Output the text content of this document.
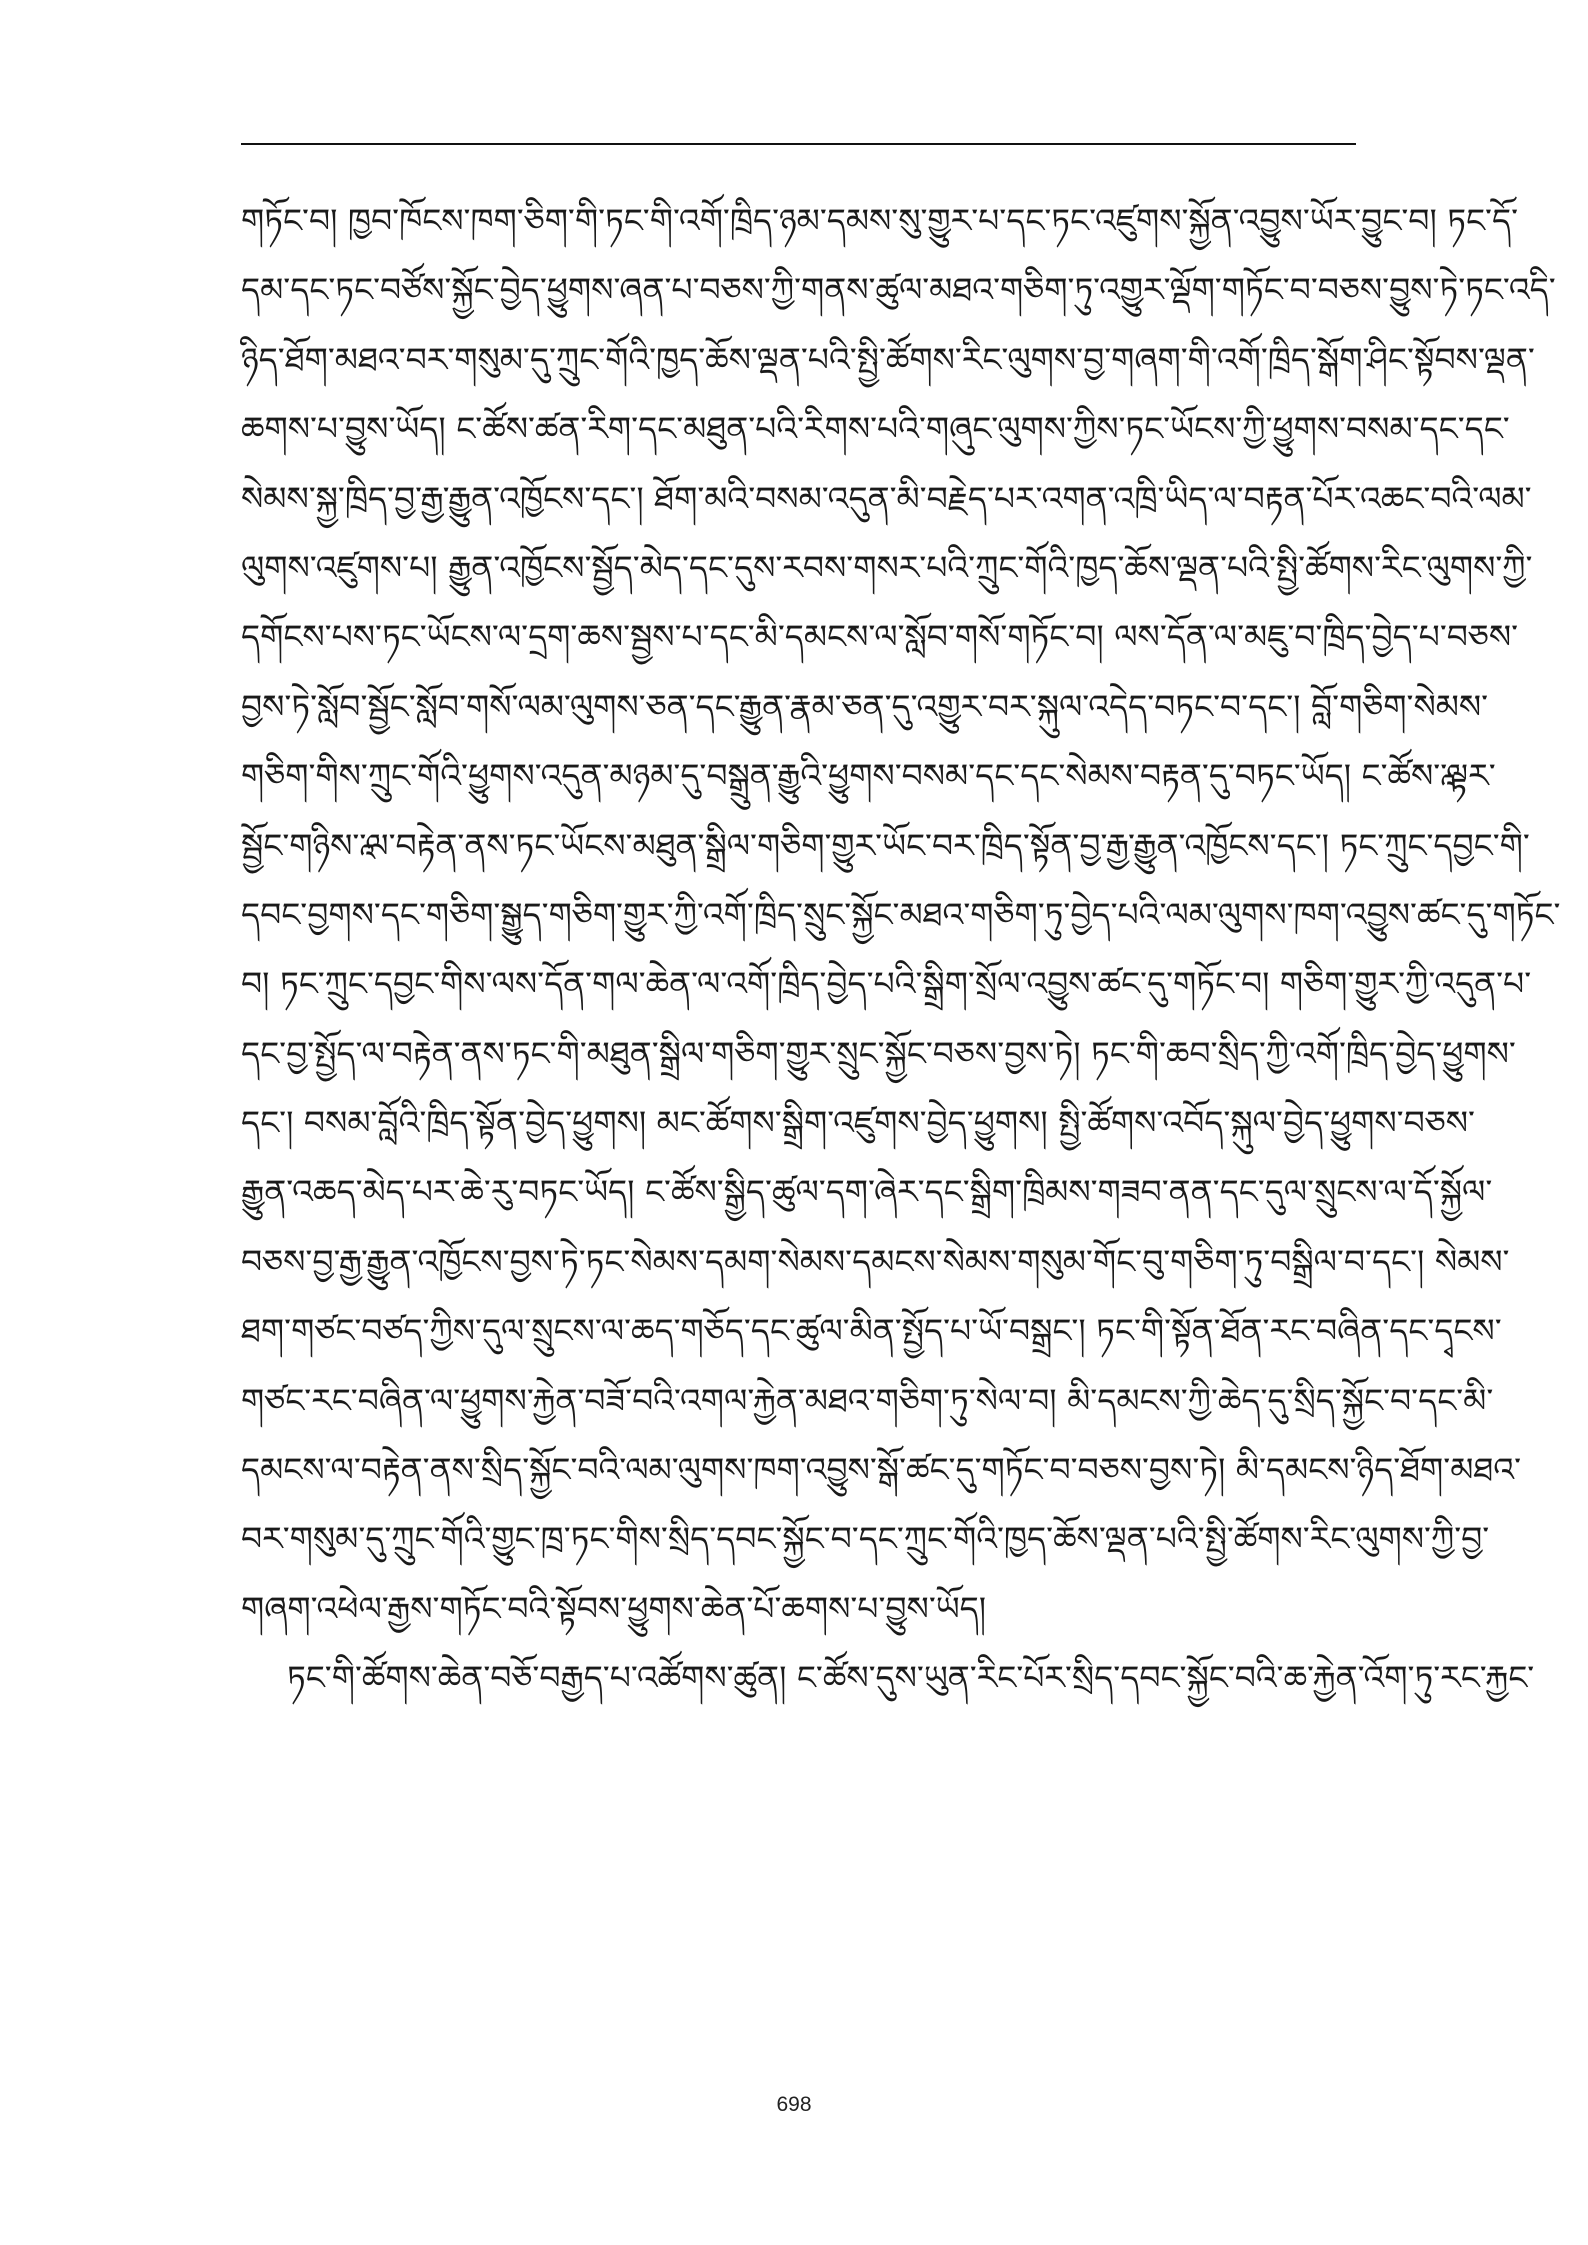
གཏོང་བ། ཁྱབ་ཁོངས་ཁག་ཅིག་གི་ཏང་གི་འགོ་ཁྲིད་ཉམ་དམས་སུ་གྱུར་པ་དང་ཏང་འཛུགས་སྐྱོན་འབྱུས་ཡོར་བྱུང་བ། ཏང་དོ་
དམ་དང་ཏང་བཙོས་སྐྱོང་བྱེད་ཕྱུགས་ཞན་པ་བཅས་ཀྱི་གནས་ཚུལ་མཐའ་གཅིག་ཏུ་འགྱུར་ལྡོག་གཏོང་བ་བཅས་བྱུས་ཏེ་ཏང་འདི་
ཉིད་ཐོག་མཐའ་བར་གསུམ་དུ་ཀྲུང་གོའི་ཁྱད་ཆོས་ལྡན་པའི་སྤྱི་ཚོགས་རིང་ལུགས་བྱ་གཞག་གི་འགོ་ཁྲིད་སྒོག་ཤིང་སྟོབས་ལྡན་
ཆགས་པ་བྱུས་ཡོད། ང་ཚོས་ཚན་རིག་དང་མཐུན་པའི་རིགས་པའི་གཞུང་ལུགས་ཀྱིས་ཏང་ཡོངས་ཀྱི་ཕྱུགས་བསམ་དང་དང་
སེམས་སྐྱ་ཁྲིད་བྱ་རྒྱ་རྒྱུན་འཁྱོངས་དང་། ཐོག་མའི་བསམ་འདུན་མི་བརྗེད་པར་འགན་འཁྲི་ཡིད་ལ་བརྟན་པོར་འཆང་བའི་ལམ་
ལུགས་འཛུགས་པ། རྒྱུན་འཁྱོངས་སྦྱོད་མེད་དང་དུས་རབས་གསར་པའི་ཀྲུང་གོའི་ཁྱད་ཆོས་ལྡན་པའི་སྤྱི་ཚོགས་རིང་ལུགས་ཀྱི་
དགོངས་པས་ཏང་ཡོངས་ལ་དྲག་ཆས་སྦྱས་པ་དང་མི་དམངས་ལ་སློབ་གསོ་གཏོང་བ། ལས་དོན་ལ་མཇུ་བ་ཁྲིད་བྱེད་པ་བཅས་
བྱས་ཏེ་སློབ་སྦྱོང་སློབ་གསོ་ལམ་ལུགས་ཅན་དང་རྒྱུན་རྣམ་ཅན་དུ་འགྱུར་བར་སྐུལ་འདེད་བཏང་བ་དང་། བློ་གཅིག་སེམས་
གཅིག་གིས་ཀྲུང་གོའི་ཕྱུགས་འདུན་མཉམ་དུ་བསྒྲུན་རྒྱུའི་ཕྱུགས་བསམ་དང་དང་སེམས་བརྟན་དུ་བཏང་ཡོད། ང་ཚོས་ཱ་ལྟར་
སྦྱོང་གཉིས་ཱ་ལ་བརྟེན་ནས་ཏང་ཡོངས་མཐུན་སྒྲིལ་གཅིག་གྱུར་ཡོང་བར་ཁྲིད་སྟོན་བྱ་རྒྱ་རྒྱུན་འཁྱོངས་དང་། ཏང་ཀྲུང་དབྱང་གི་
དབང་བྱགས་དང་གཅིག་སྒྱུད་གཅིག་གྱུར་ཀྱི་འགོ་ཁྲིད་སྲུང་སྐྱོང་མཐའ་གཅིག་ཏུ་བྱེད་པའི་ལམ་ལུགས་ཁག་འབྱུས་ཚང་དུ་གཏོང་
བ། ཏང་ཀྲུང་དབྱང་གིས་ལས་དོན་གལ་ཆེན་ལ་འགོ་ཁྲིད་བྱེད་པའི་སྒྲིག་སྲོལ་འབྱུས་ཚང་དུ་གཏོང་བ། གཅིག་གྱུར་ཀྱི་འདུན་པ་
དང་བྱ་སྤྱོད་ལ་བརྟེན་ནས་ཏང་གི་མཐུན་སྒྲིལ་གཅིག་གྱུར་སྲུང་སྐྱོང་བཅས་བྱས་ཏེ། ཏང་གི་ཆབ་སྲིད་ཀྱི་འགོ་ཁྲིད་བྱེད་ཕྱུགས་
དང་། བསམ་བློའི་ཁྲིད་སྟོན་བྱེད་ཕྱུགས། མང་ཚོགས་སྒྲིག་འཛུགས་བྱེད་ཕྱུགས། སྤྱི་ཚོགས་འབོད་སྐུལ་བྱེད་ཕྱུགས་བཅས་
རྒྱུན་འཆད་མེད་པར་ཆེ་རུ་བཏང་ཡོད། ང་ཚོས་སྒྱིད་ཚུལ་དག་ཞེར་དང་སྒྲིག་ཁྲིམས་གཟབ་ནན་དང་དུལ་སྲུངས་ལ་དོ་སྐྱོལ་
བཅས་བྱ་རྒྱ་རྒྱུན་འཁྱོངས་བྱས་ཏེ་ཏང་སེམས་དམག་སེམས་དམངས་སེམས་གསུམ་གོང་བུ་གཅིག་ཏུ་བསྒྲིལ་བ་དང་། སེམས་
ཐག་གཙང་བཙད་ཀྱིས་དུལ་སྲུངས་ལ་ཆད་གཅོད་དང་ཚུལ་མིན་སྤྱོད་པ་ཡོ་བསྒྲང་། ཏང་གི་སྟོན་ཐོན་རང་བཞིན་དང་དྭངས་
གཙང་རང་བཞིན་ལ་ཕྱུགས་རྐྱེན་བཟོ་བའི་འགལ་རྐྱེན་མཐའ་གཅིག་ཏུ་སེལ་བ། མི་དམངས་ཀྱི་ཆེད་དུ་སྲིད་སྐྱོང་བ་དང་མི་
དམངས་ལ་བརྟེན་ནས་སྲིད་སྐྱོང་བའི་ལམ་ལུགས་ཁག་འབྱུས་སྒོ་ཚང་དུ་གཏོང་བ་བཅས་བྱས་ཏེ། མི་དམངས་ཉིད་ཐོག་མཐའ་
བར་གསུམ་དུ་ཀྲུང་གོའི་གྱུང་ཁྲ་ཏང་གིས་སྲིད་དབང་སྐྱོང་བ་དང་ཀྲུང་གོའི་ཁྱད་ཆོས་ལྡན་པའི་སྤྱི་ཚོགས་རིང་ལུགས་ཀྱི་བྱ་
གཞག་འཕེལ་རྒྱས་གཏོང་བའི་སྟོབས་ཕྱུགས་ཆེན་པོ་ཆགས་པ་བྱུས་ཡོད།
ཏང་གི་ཚོགས་ཆེན་བཅོ་བརྒྱད་པ་འཚོགས་ཚུན། ང་ཚོས་དུས་ཡུན་རིང་པོར་སྲིད་དབང་སྐྱོང་བའི་ཆ་རྐྱེན་འོག་ཏུ་རང་རྐྱང་
698
